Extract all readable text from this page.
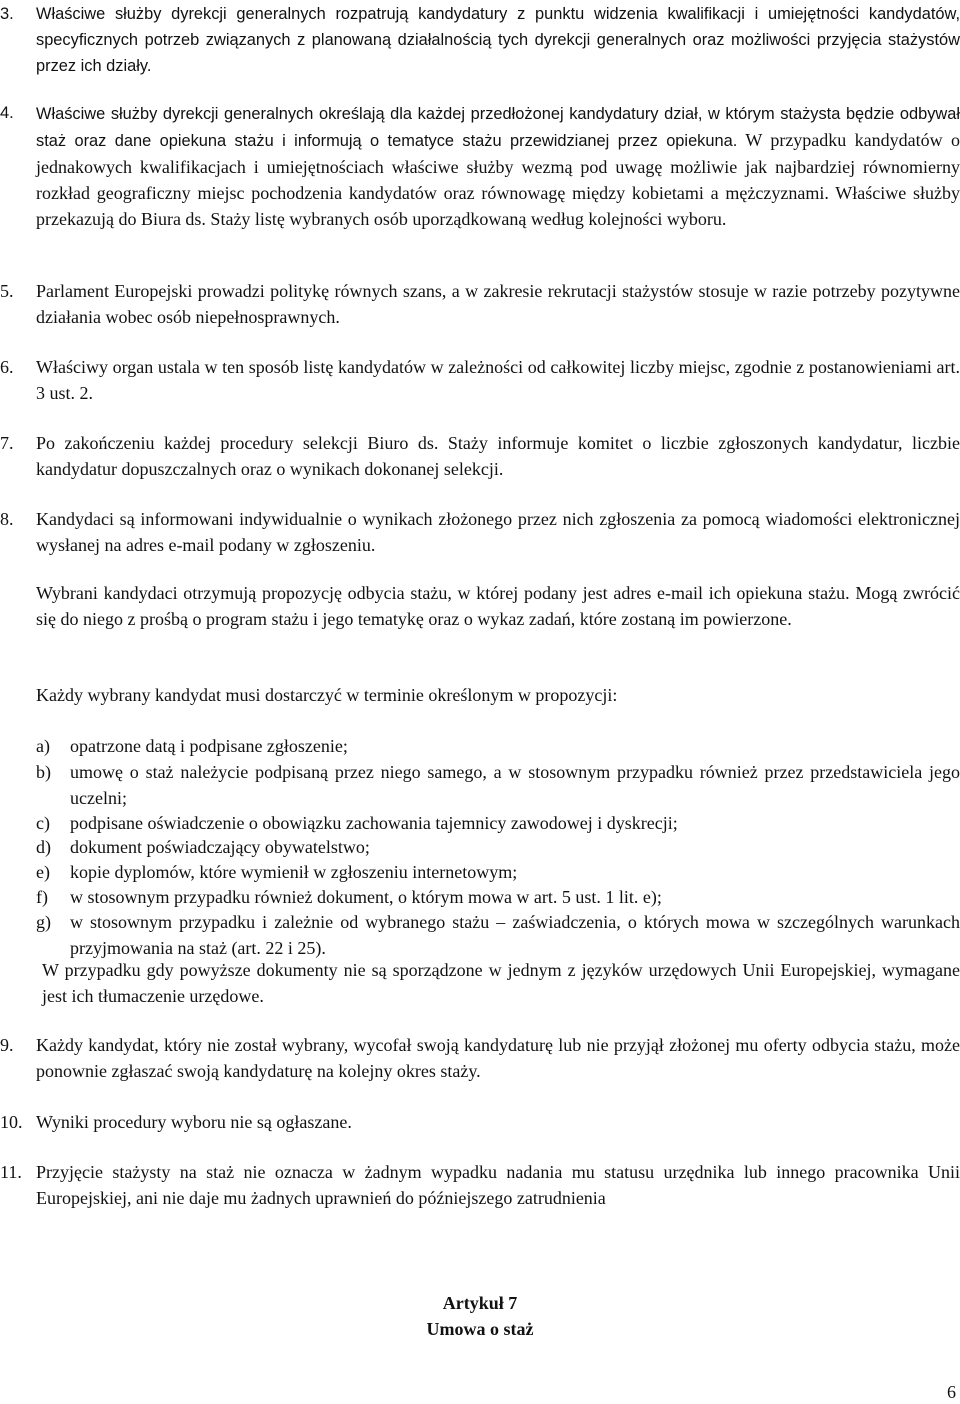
3. Właściwe służby dyrekcji generalnych rozpatrują kandydatury z punktu widzenia kwalifikacji i umiejętności kandydatów, specyficznych potrzeb związanych z planowaną działalnością tych dyrekcji generalnych oraz możliwości przyjęcia stażystów przez ich działy.
4. Właściwe służby dyrekcji generalnych określają dla każdej przedłożonej kandydatury dział, w którym stażysta będzie odbywał staż oraz dane opiekuna stażu i informują o tematyce stażu przewidzianej przez opiekuna. W przypadku kandydatów o jednakowych kwalifikacjach i umiejętnościach właściwe służby wezmą pod uwagę możliwie jak najbardziej równomierny rozkład geograficzny miejsc pochodzenia kandydatów oraz równowagę między kobietami a mężczyznami. Właściwe służby przekazują do Biura ds. Staży listę wybranych osób uporządkowaną według kolejności wyboru.
5. Parlament Europejski prowadzi politykę równych szans, a w zakresie rekrutacji stażystów stosuje w razie potrzeby pozytywne działania wobec osób niepełnosprawnych.
6. Właściwy organ ustala w ten sposób listę kandydatów w zależności od całkowitej liczby miejsc, zgodnie z postanowieniami art. 3 ust. 2.
7. Po zakończeniu każdej procedury selekcji Biuro ds. Staży informuje komitet o liczbie zgłoszonych kandydatur, liczbie kandydatur dopuszczalnych oraz o wynikach dokonanej selekcji.
8. Kandydaci są informowani indywidualnie o wynikach złożonego przez nich zgłoszenia za pomocą wiadomości elektronicznej wysłanej na adres e-mail podany w zgłoszeniu.
Wybrani kandydaci otrzymują propozycję odbycia stażu, w której podany jest adres e-mail ich opiekuna stażu. Mogą zwrócić się do niego z prośbą o program stażu i jego tematykę oraz o wykaz zadań, które zostaną im powierzone.
Każdy wybrany kandydat musi dostarczyć w terminie określonym w propozycji:
a) opatrzone datą i podpisane zgłoszenie;
b) umowę o staż należycie podpisaną przez niego samego, a w stosownym przypadku również przez przedstawiciela jego uczelni;
c) podpisane oświadczenie o obowiązku zachowania tajemnicy zawodowej i dyskrecji;
d) dokument poświadczający obywatelstwo;
e) kopie dyplomów, które wymienił w zgłoszeniu internetowym;
f) w stosownym przypadku również dokument, o którym mowa w art. 5 ust. 1 lit. e);
g) w stosownym przypadku i zależnie od wybranego stażu – zaświadczenia, o których mowa w szczególnych warunkach przyjmowania na staż (art. 22 i 25).
W przypadku gdy powyższe dokumenty nie są sporządzone w jednym z języków urzędowych Unii Europejskiej, wymagane jest ich tłumaczenie urzędowe.
9. Każdy kandydat, który nie został wybrany, wycofał swoją kandydaturę lub nie przyjął złożonej mu oferty odbycia stażu, może ponownie zgłaszać swoją kandydaturę na kolejny okres staży.
10. Wyniki procedury wyboru nie są ogłaszane.
11. Przyjęcie stażysty na staż nie oznacza w żadnym wypadku nadania mu statusu urzędnika lub innego pracownika Unii Europejskiej, ani nie daje mu żadnych uprawnień do późniejszego zatrudnienia
Artykuł 7
Umowa o staż
6
